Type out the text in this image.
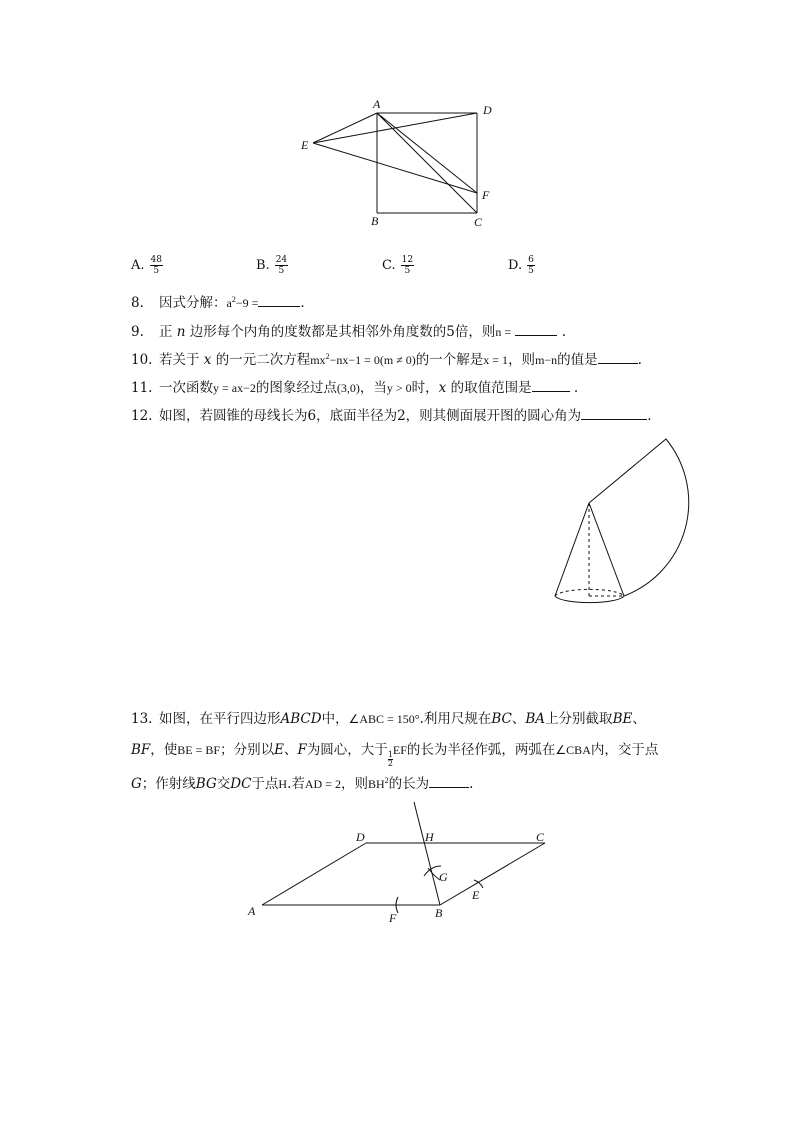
A	D
E
F
B	C
A. $\frac{48}{5}$	B. $\frac{24}{5}$	C. $\frac{12}{5}$	D. $\frac{6}{5}$
8. 因式分解：$a^2-9$ =	.
9. 正 n 边形每个内角的度数都是其相邻外角度数的5倍，则n =	.
10. 若关于 x 的一元二次方程$mx^2-nx-1 = 0(m \ne 0)$的一个解是x = 1，则m−n的值是	.
11. 一次函数y = ax−2的图象经过点(3,0)，当y > 0时，x 的取值范围是	.
12. 如图，若圆锥的母线长为6，底面半径为2，则其侧面展开图的圆心角为	.
13. 如图，在平行四边形ABCD中，∠ABC = 150°.利用尺规在BC、BA上分别截取BE、
BF，使BE = BF；分别以E、F为圆心，大于
$\frac{1}{2}$
EF的长为半径作弧，两弧在∠CBA内，交于点
G；作射线BG交DC于点H.若AD = 2，则$BH^2$的长为	.
D	H	C
G
E
A	F	B
